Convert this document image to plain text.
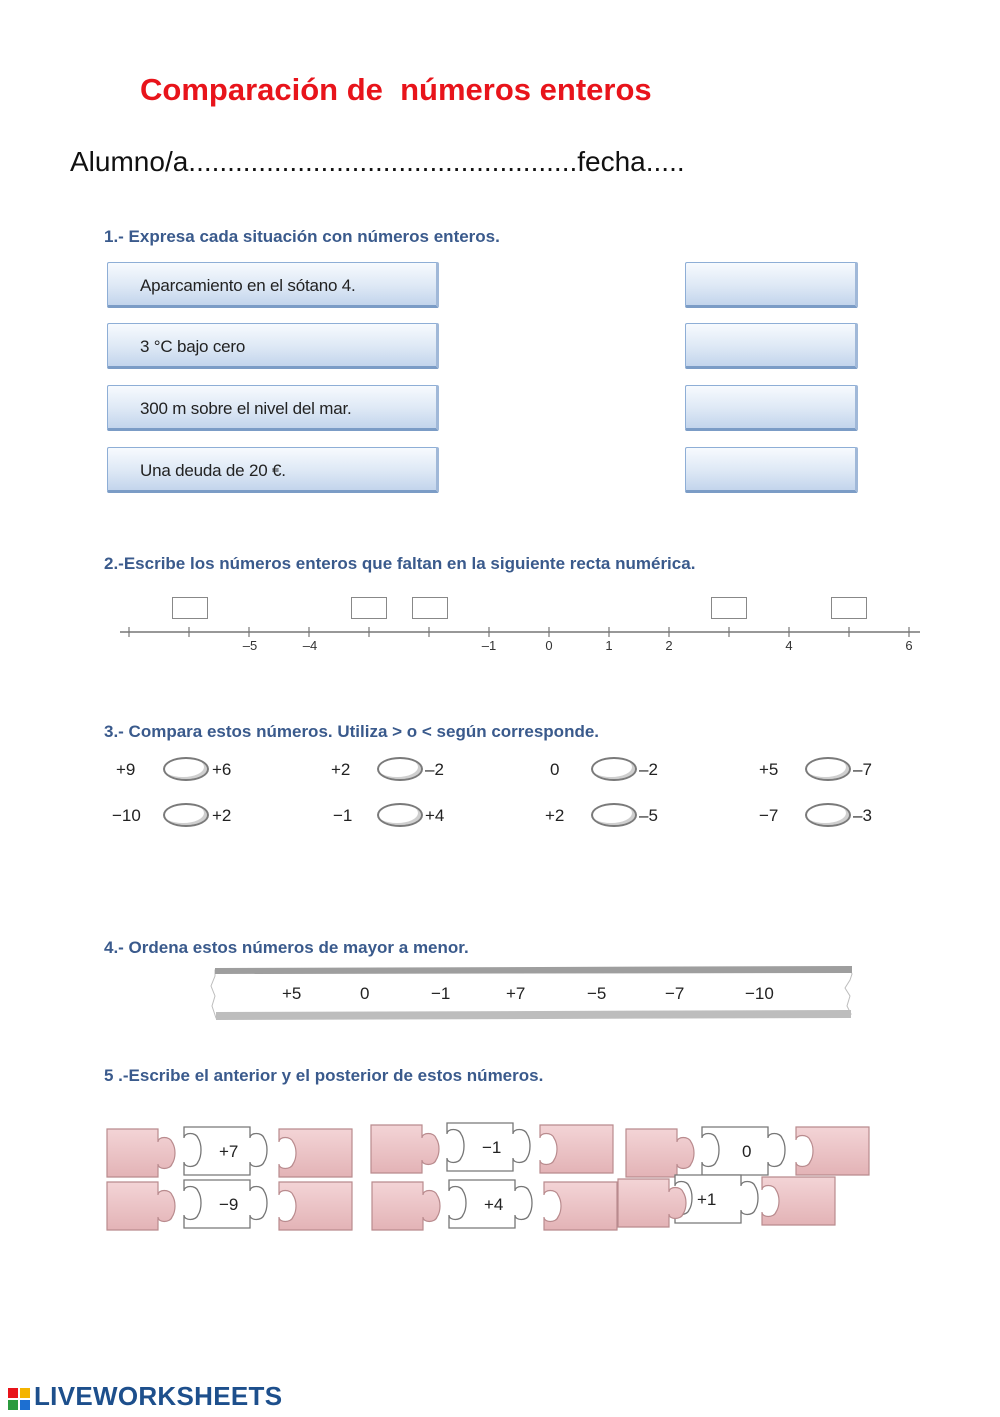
Comparación de  números enteros
Alumno/a..................................................fecha.....
1.- Expresa cada situación con números enteros.
Aparcamiento en el sótano 4.
3 °C bajo cero
300 m sobre el nivel del mar.
Una deuda de 20 €.
2.-Escribe los números enteros que faltan en la siguiente recta numérica.
–5	–4	–1	0	1	2	4	6
3.- Compara estos números. Utiliza > o < según corresponde.
+9	+6	+2	–2	0	–2	+5	–7
−10	+2	−1	+4	+2	–5	−7	–3
4.- Ordena estos números de mayor a menor.
+5	0	−1	+7	−5	−7	−10
5 .-Escribe el anterior y el posterior de estos números.
+7	−1	0
−9	+4	+1
LIVEWORKSHEETS
